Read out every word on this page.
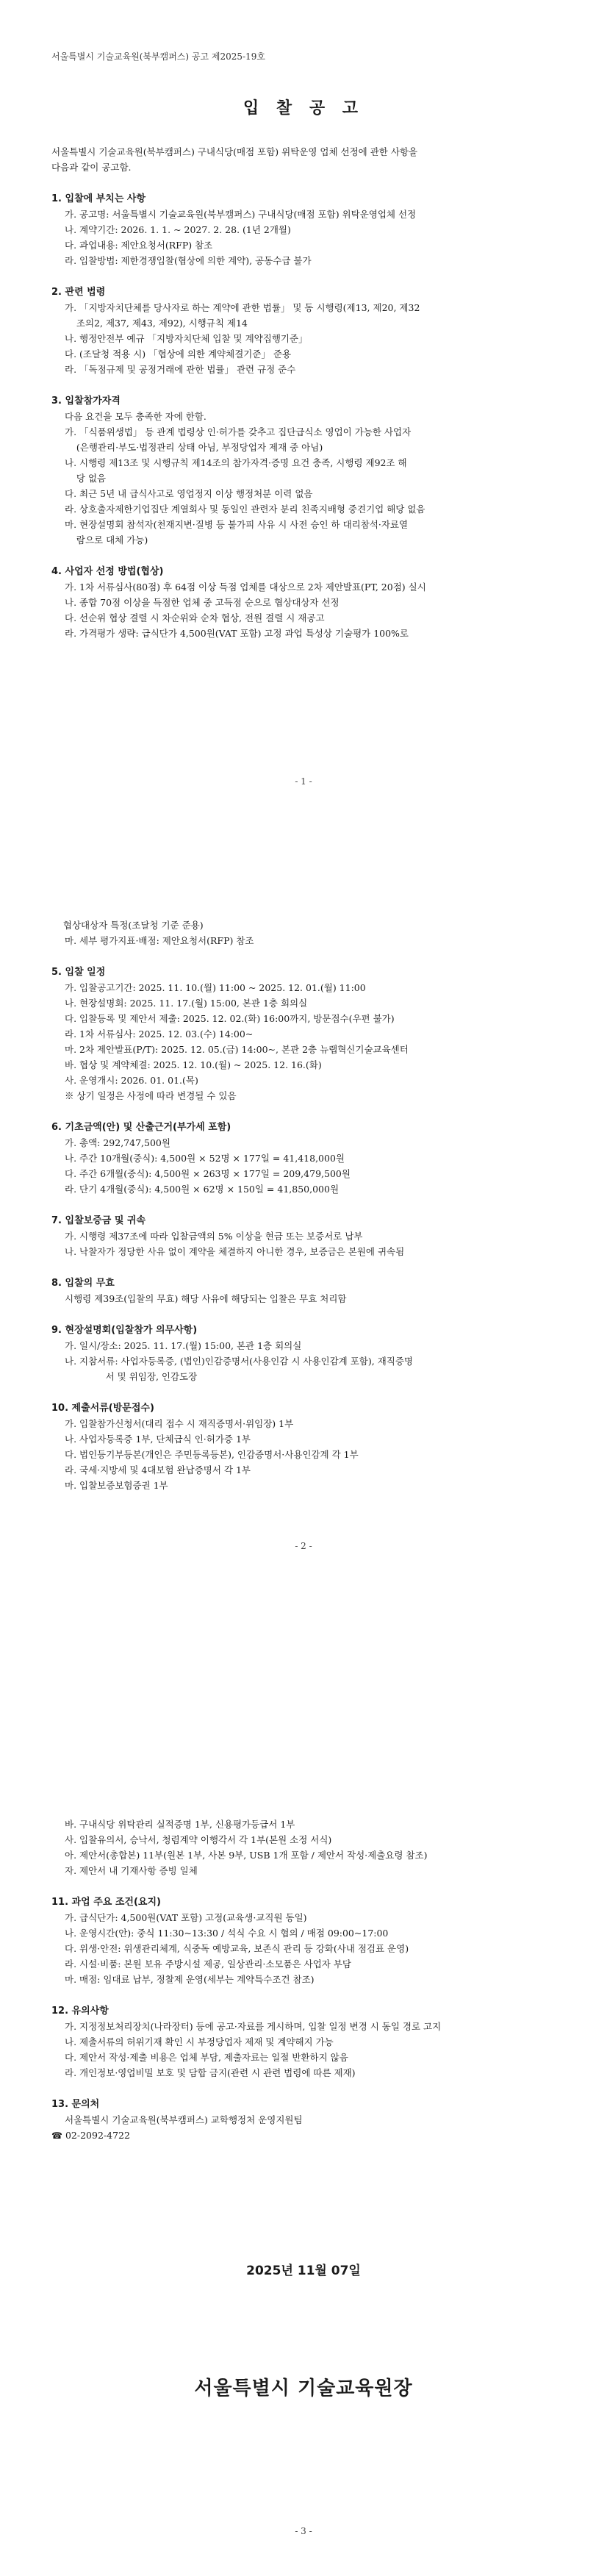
서울특별시 기술교육원(북부캠퍼스) 공고 제2025-19호
입 찰 공 고
서울특별시 기술교육원(북부캠퍼스) 구내식당(매점 포함) 위탁운영 업체 선정에 관한 사항을
다음과 같이 공고함.
1. 입찰에 부치는 사항
가. 공고명: 서울특별시 기술교육원(북부캠퍼스) 구내식당(매점 포함) 위탁운영업체 선정
나. 계약기간: 2026. 1. 1. ~ 2027. 2. 28. (1년 2개월)
다. 과업내용: 제안요청서(RFP) 참조
라. 입찰방법: 제한경쟁입찰(협상에 의한 계약), 공동수급 불가
2. 관련 법령
가. 「지방자치단체를 당사자로 하는 계약에 관한 법률」 및 동 시행령(제13, 제20, 제32
조의2, 제37, 제43, 제92), 시행규칙 제14
나. 행정안전부 예규 「지방자치단체 입찰 및 계약집행기준」
다. (조달청 적용 시) 「협상에 의한 계약체결기준」 준용
라. 「독점규제 및 공정거래에 관한 법률」 관련 규정 준수
3. 입찰참가자격
다음 요건을 모두 충족한 자에 한함.
가. 「식품위생법」 등 관계 법령상 인·허가를 갖추고 집단급식소 영업이 가능한 사업자
(은행관리·부도·법정관리 상태 아님, 부정당업자 제재 중 아님)
나. 시행령 제13조 및 시행규칙 제14조의 참가자격·증명 요건 충족, 시행령 제92조 해
당 없음
다. 최근 5년 내 급식사고로 영업정지 이상 행정처분 이력 없음
라. 상호출자제한기업집단 계열회사 및 동일인 관련자 분리 친족지배형 중견기업 해당 없음
마. 현장설명회 참석자(천재지변·질병 등 불가피 사유 시 사전 승인 하 대리참석·자료열
람으로 대체 가능)
4. 사업자 선정 방법(협상)
가. 1차 서류심사(80점) 후 64점 이상 득점 업체를 대상으로 2차 제안발표(PT, 20점) 실시
나. 종합 70점 이상을 득점한 업체 중 고득점 순으로 협상대상자 선정
다. 선순위 협상 결렬 시 차순위와 순차 협상, 전원 결렬 시 재공고
라. 가격평가 생략: 급식단가 4,500원(VAT 포함) 고정 과업 특성상 기술평가 100%로
- 1 -
협상대상자 특정(조달청 기준 준용)
마. 세부 평가지표·배점: 제안요청서(RFP) 참조
5. 입찰 일정
가. 입찰공고기간: 2025. 11. 10.(월) 11:00 ~ 2025. 12. 01.(월) 11:00
나. 현장설명회: 2025. 11. 17.(월) 15:00, 본관 1층 회의실
다. 입찰등록 및 제안서 제출: 2025. 12. 02.(화) 16:00까지, 방문접수(우편 불가)
라. 1차 서류심사: 2025. 12. 03.(수) 14:00~
마. 2차 제안발표(P/T): 2025. 12. 05.(금) 14:00~, 본관 2층 뉴랩혁신기술교육센터
바. 협상 및 계약체결: 2025. 12. 10.(월) ~ 2025. 12. 16.(화)
사. 운영개시: 2026. 01. 01.(목)
※ 상기 일정은 사정에 따라 변경될 수 있음
6. 기초금액(안) 및 산출근거(부가세 포함)
가. 총액: 292,747,500원
나. 주간 10개월(중식): 4,500원 × 52명 × 177일 = 41,418,000원
다. 주간 6개월(중식): 4,500원 × 263명 × 177일 = 209,479,500원
라. 단기 4개월(중식): 4,500원 × 62명 × 150일 = 41,850,000원
7. 입찰보증금 및 귀속
가. 시행령 제37조에 따라 입찰금액의 5% 이상을 현금 또는 보증서로 납부
나. 낙찰자가 정당한 사유 없이 계약을 체결하지 아니한 경우, 보증금은 본원에 귀속됨
8. 입찰의 무효
시행령 제39조(입찰의 무효) 해당 사유에 해당되는 입찰은 무효 처리함
9. 현장설명회(입찰참가 의무사항)
가. 일시/장소: 2025. 11. 17.(월) 15:00, 본관 1층 회의실
나. 지참서류: 사업자등록증, (법인)인감증명서(사용인감 시 사용인감계 포함), 재직증명
서 및 위임장, 인감도장
10. 제출서류(방문접수)
가. 입찰참가신청서(대리 접수 시 재직증명서·위임장) 1부
나. 사업자등록증 1부, 단체급식 인·허가증 1부
다. 법인등기부등본(개인은 주민등록등본), 인감증명서·사용인감계 각 1부
라. 국세·지방세 및 4대보험 완납증명서 각 1부
마. 입찰보증보험증권 1부
- 2 -
바. 구내식당 위탁관리 실적증명 1부, 신용평가등급서 1부
사. 입찰유의서, 승낙서, 청렴계약 이행각서 각 1부(본원 소정 서식)
아. 제안서(총합본) 11부(원본 1부, 사본 9부, USB 1개 포함 / 제안서 작성·제출요령 참조)
자. 제안서 내 기재사항 증빙 일체
11. 과업 주요 조건(요지)
가. 급식단가: 4,500원(VAT 포함) 고정(교육생·교직원 동일)
나. 운영시간(안): 중식 11:30~13:30 / 석식 수요 시 협의 / 매점 09:00~17:00
다. 위생·안전: 위생관리체계, 식중독 예방교육, 보존식 관리 등 강화(사내 점검표 운영)
라. 시설·비품: 본원 보유 주방시설 제공, 일상관리·소모품은 사업자 부담
마. 매점: 임대료 납부, 정찰제 운영(세부는 계약특수조건 참조)
12. 유의사항
가. 지정정보처리장치(나라장터) 등에 공고·자료를 게시하며, 입찰 일정 변경 시 동일 경로 고지
나. 제출서류의 허위기재 확인 시 부정당업자 제재 및 계약해지 가능
다. 제안서 작성·제출 비용은 업체 부담, 제출자료는 일절 반환하지 않음
라. 개인정보·영업비밀 보호 및 담합 금지(관련 시 관련 법령에 따른 제재)
13. 문의처
서울특별시 기술교육원(북부캠퍼스) 교학행정처 운영지원팀
☎ 02-2092-4722
2025년 11월 07일
서울특별시 기술교육원장
- 3 -
